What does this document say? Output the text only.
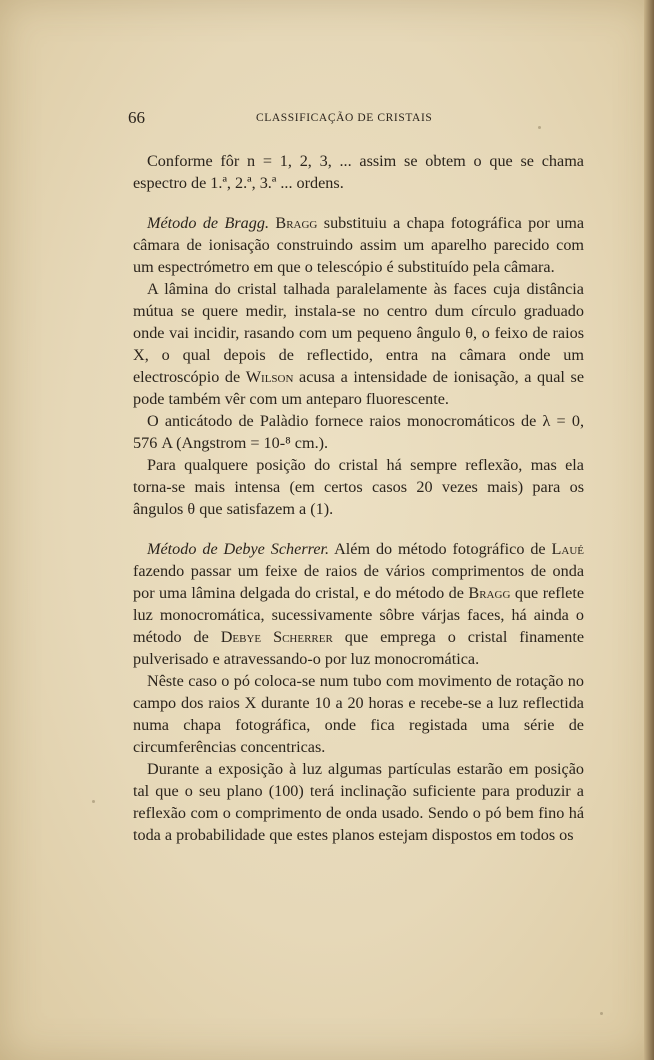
66	CLASSIFICAÇÃO DE CRISTAIS

Conforme fôr n = 1, 2, 3, ... assim se obtem o que se chama espectro de 1.ª, 2.ª, 3.ª ... ordens.

Método de Bragg. Bragg substituiu a chapa fotográfica por uma câmara de ionisação construindo assim um aparelho parecido com um espectrómetro em que o telescópio é substituído pela câmara.

A lâmina do cristal talhada paralelamente às faces cuja distância mútua se quere medir, instala-se no centro dum círculo graduado onde vai incidir, rasando com um pequeno ângulo θ, o feixo de raios X, o qual depois de reflectido, entra na câmara onde um electroscópio de Wilson acusa a intensidade de ionisação, a qual se pode também vêr com um anteparo fluorescente.

O anticátodo de Palàdio fornece raios monocromáticos de λ = 0, 576 A (Angstrom = 10-⁸ cm.).

Para qualquere posição do cristal há sempre reflexão, mas ela torna-se mais intensa (em certos casos 20 vezes mais) para os ângulos θ que satisfazem a (1).

Método de Debye Scherrer. Além do método fotográfico de Laué fazendo passar um feixe de raios de vários comprimentos de onda por uma lâmina delgada do cristal, e do método de Bragg que reflete luz monocromática, sucessivamente sôbre várjas faces, há ainda o método de Debye Scherrer que emprega o cristal finamente pulverisado e atravessando-o por luz monocromática.

Nêste caso o pó coloca-se num tubo com movimento de rotação no campo dos raios X durante 10 a 20 horas e recebe-se a luz reflectida numa chapa fotográfica, onde fica registada uma série de circumferências concentricas.

Durante a exposição à luz algumas partículas estarão em posição tal que o seu plano (100) terá inclinação suficiente para produzir a reflexão com o comprimento de onda usado. Sendo o pó bem fino há toda a probabilidade que estes planos estejam dispostos em todos os
